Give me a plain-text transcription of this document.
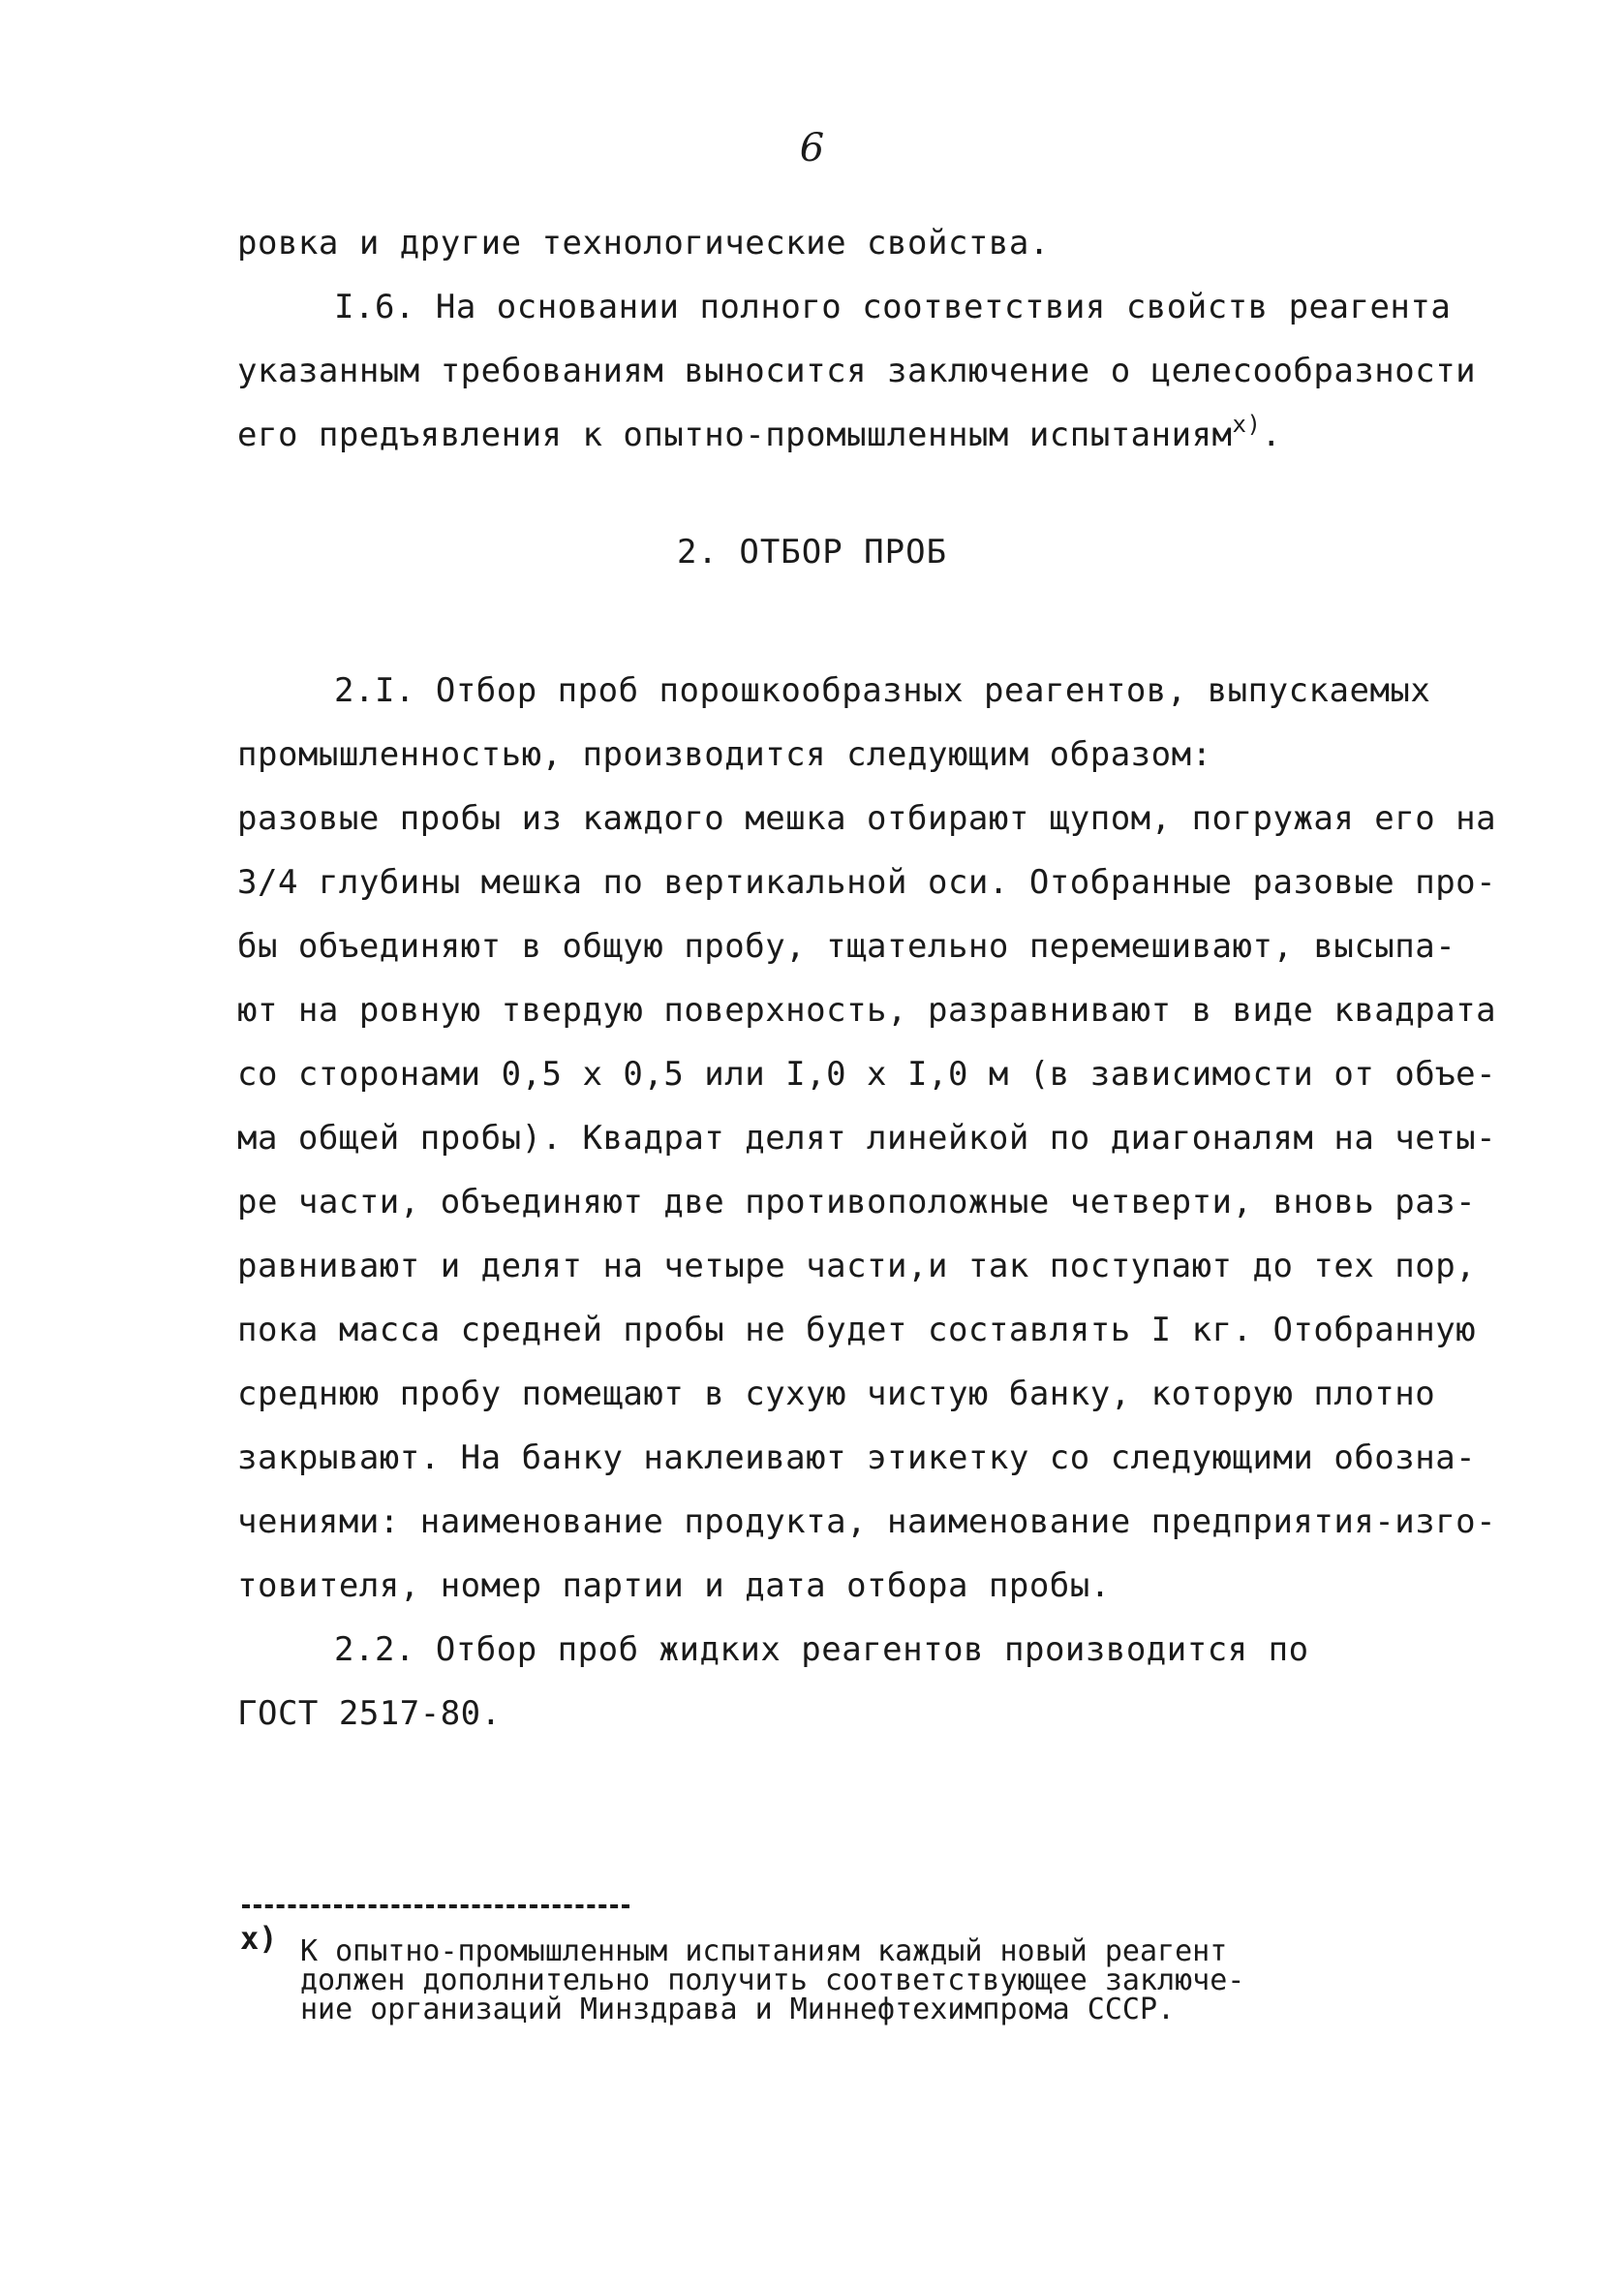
6
ровка и другие технологические свойства.
I.6. На основании полного соответствия свойств реагента
указанным требованиям выносится заключение о целесообразности
его предъявления к опытно-промышленным испытаниям$^{x)}$.
2. ОТБОР ПРОБ
2.I. Отбор проб порошкообразных реагентов, выпускаемых
промышленностью, производится следующим образом:
разовые пробы из каждого мешка отбирают щупом, погружая его на
3/4 глубины мешка по вертикальной оси. Отобранные разовые про-
бы объединяют в общую пробу, тщательно перемешивают, высыпа-
ют на ровную твердую поверхность, разравнивают в виде квадрата
со сторонами 0,5 х 0,5 или I,0 х I,0 м (в зависимости от объе-
ма общей пробы). Квадрат делят линейкой по диагоналям на четы-
ре части, объединяют две противоположные четверти, вновь раз-
равнивают и делят на четыре части,и так поступают до тех пор,
пока масса средней пробы не будет составлять I кг. Отобранную
среднюю пробу помещают в сухую чистую банку, которую плотно
закрывают. На банку наклеивают этикетку со следующими обозна-
чениями: наименование продукта, наименование предприятия-изго-
товителя, номер партии и дата отбора пробы.
2.2. Отбор проб жидких реагентов производится по
ГОСТ 2517-80.
x) К опытно-промышленным испытаниям каждый новый реагент
должен дополнительно получить соответствующее заключе-
ние организаций Минздрава и Миннефтехимпрома СССР.
